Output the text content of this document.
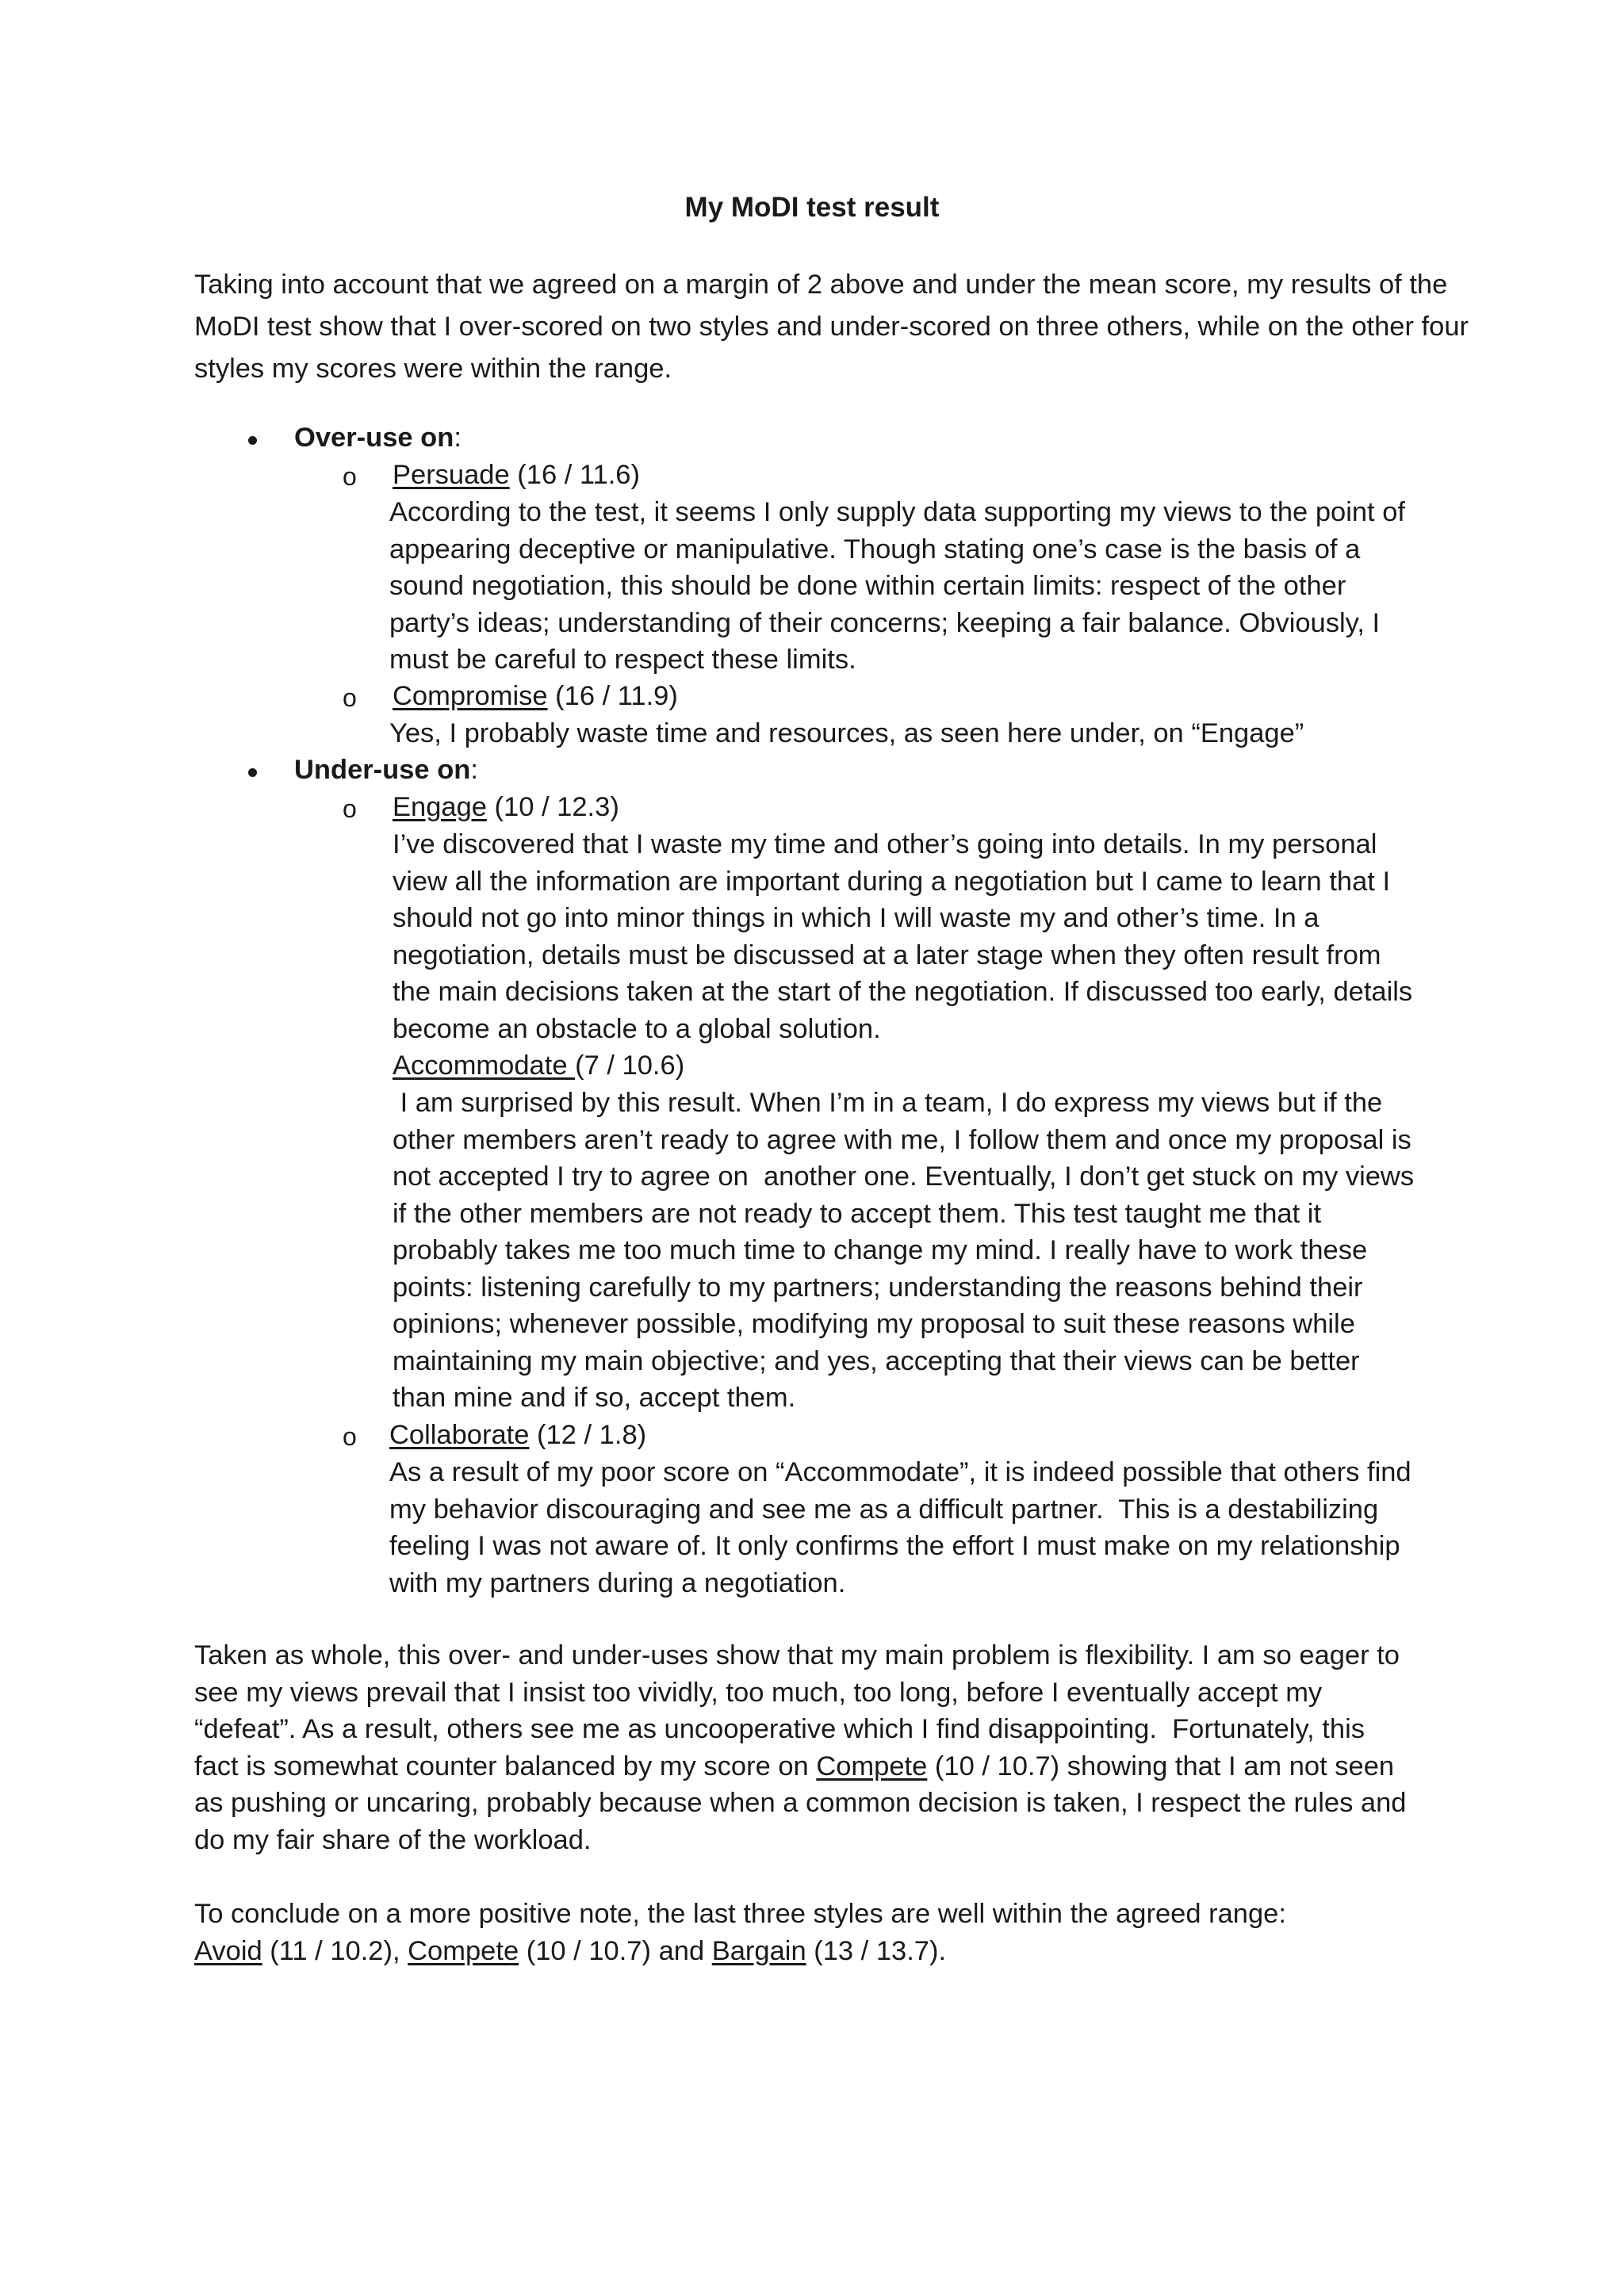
My MoDI test result

Taking into account that we agreed on a margin of 2 above and under the mean score, my results of the MoDI test show that I over-scored on two styles and under-scored on three others, while on the other four styles my scores were within the range.

Over-use on:
o Persuade (16 / 11.6)
According to the test, it seems I only supply data supporting my views to the point of
appearing deceptive or manipulative. Though stating one’s case is the basis of a
sound negotiation, this should be done within certain limits: respect of the other
party’s ideas; understanding of their concerns; keeping a fair balance. Obviously, I
must be careful to respect these limits.
o Compromise (16 / 11.9)
Yes, I probably waste time and resources, as seen here under, on “Engage”
Under-use on:
o Engage (10 / 12.3)
I’ve discovered that I waste my time and other’s going into details. In my personal
view all the information are important during a negotiation but I came to learn that I
should not go into minor things in which I will waste my and other’s time. In a
negotiation, details must be discussed at a later stage when they often result from
the main decisions taken at the start of the negotiation. If discussed too early, details
become an obstacle to a global solution.
Accommodate (7 / 10.6)
I am surprised by this result. When I’m in a team, I do express my views but if the
other members aren’t ready to agree with me, I follow them and once my proposal is
not accepted I try to agree on  another one. Eventually, I don’t get stuck on my views
if the other members are not ready to accept them. This test taught me that it
probably takes me too much time to change my mind. I really have to work these
points: listening carefully to my partners; understanding the reasons behind their
opinions; whenever possible, modifying my proposal to suit these reasons while
maintaining my main objective; and yes, accepting that their views can be better
than mine and if so, accept them.
o Collaborate (12 / 1.8)
As a result of my poor score on “Accommodate”, it is indeed possible that others find
my behavior discouraging and see me as a difficult partner.  This is a destabilizing
feeling I was not aware of. It only confirms the effort I must make on my relationship
with my partners during a negotiation.
Taken as whole, this over- and under-uses show that my main problem is flexibility. I am so eager to
see my views prevail that I insist too vividly, too much, too long, before I eventually accept my
“defeat”. As a result, others see me as uncooperative which I find disappointing.  Fortunately, this
fact is somewhat counter balanced by my score on Compete (10 / 10.7) showing that I am not seen
as pushing or uncaring, probably because when a common decision is taken, I respect the rules and
do my fair share of the workload.
To conclude on a more positive note, the last three styles are well within the agreed range:
Avoid (11 / 10.2), Compete (10 / 10.7) and Bargain (13 / 13.7).
